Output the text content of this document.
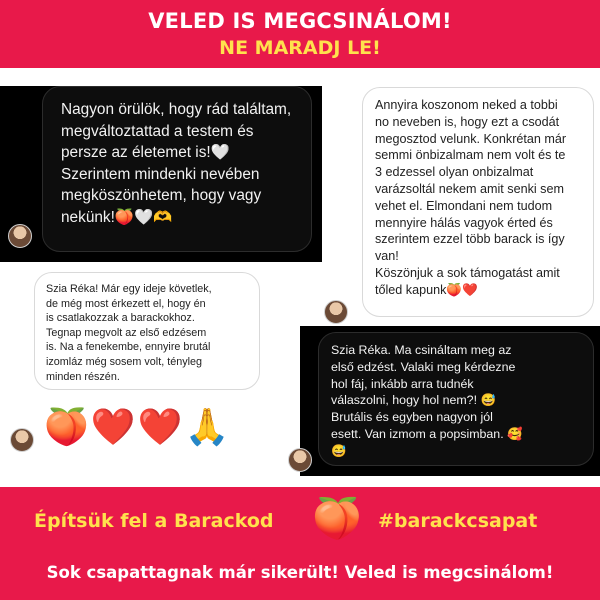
VELED IS MEGCSINÁLOM!
NE MARADJ LE!

Nagyon örülök, hogy rád találtam,
megváltoztattad a testem és
persze az életemet is!🤍
Szerintem mindenki nevében
megköszönhetem, hogy vagy
nekünk!🍑🤍🫶

Annyira koszonom neked a tobbi
no neveben is, hogy ezt a csodát
megosztod velunk. Konkrétan már
semmi önbizalmam nem volt és te
3 edzessel olyan onbizalmat
varázsoltál nekem amit senki sem
vehet el. Elmondani nem tudom
mennyire hálás vagyok érted és
szerintem ezzel több barack is így
van!
Köszönjuk a sok támogatást amit
tőled kapunk🍑❤️

Szia Réka! Már egy ideje követlek,
de még most érkezett el, hogy én
is csatlakozzak a barackokhoz.
Tegnap megvolt az első edzésem
is. Na a fenekembe, ennyire brutál
izomláz még sosem volt, tényleg
minden részén.

🍑❤️❤️🙏

Szia Réka. Ma csináltam meg az
első edzést. Valaki meg kérdezne
hol fáj, inkább arra tudnék
válaszolni, hogy hol nem?! 😅
Brutális és egyben nagyon jól
esett. Van izmom a popsimban. 🥰
😅

Építsük fel a Barackod 🍑 #barackcsapat
Sok csapattagnak már sikerült! Veled is megcsinálom!
